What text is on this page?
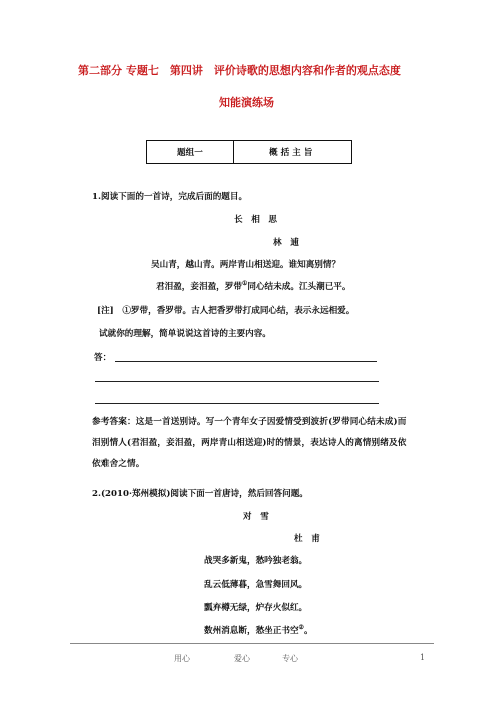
第二部分 专题七　第四讲　评价诗歌的思想内容和作者的观点态度
知能演练场
题组一	概 括 主 旨
1.阅读下面的一首诗，完成后面的题目。
长　相　思
林　逋
吴山青，越山青。两岸青山相送迎。谁知离别情？
君泪盈，妾泪盈，罗带①同心结未成。江头潮已平。
[注]　①罗带，香罗带。古人把香罗带打成同心结，表示永远相爱。
试就你的理解，简单说说这首诗的主要内容。
答：
参考答案：这是一首送别诗。写一个青年女子因爱情受到波折(罗带同心结未成)而泪别情人(君泪盈，妾泪盈，两岸青山相送迎)时的情景，表达诗人的离情别绪及依依难舍之情。
2.(2010·郑州模拟)阅读下面一首唐诗，然后回答问题。
对　雪
杜　甫
战哭多新鬼，愁吟独老翁。
乱云低薄暮，急雪舞回风。
瓢弃樽无绿，炉存火似红。
数州消息断，愁坐正书空②。
用心	爱心	专心	1
